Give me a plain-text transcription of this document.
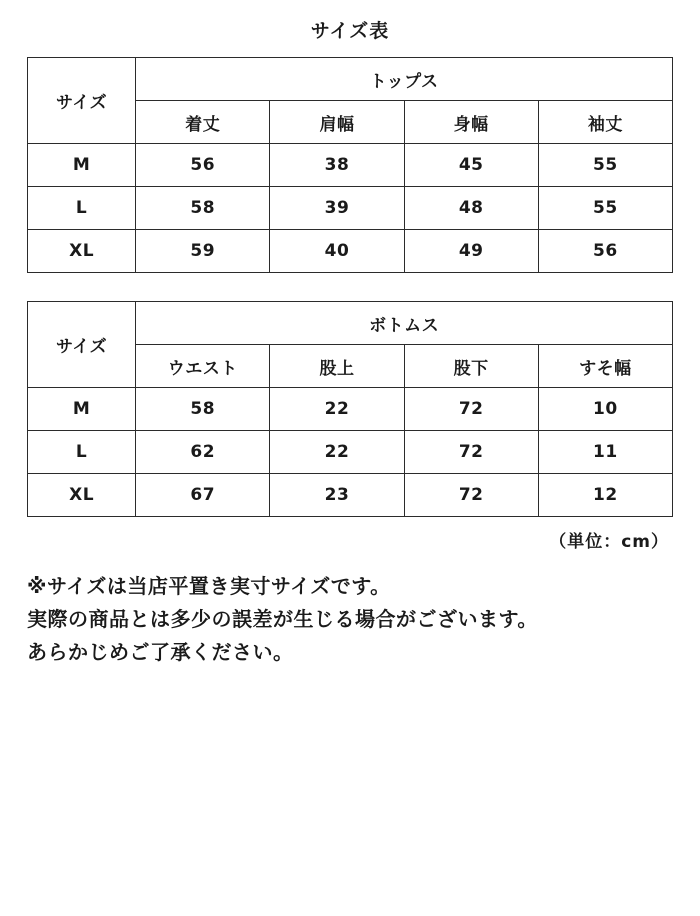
サイズ表
サイズ	トップス			
	着丈	肩幅	身幅	袖丈
M	56	38	45	55
L	58	39	48	55
XL	59	40	49	56
サイズ	ボトムス			
	ウエスト	股上	股下	すそ幅
M	58	22	72	10
L	62	22	72	11
XL	67	23	72	12
（単位：cm）
※サイズは当店平置き実寸サイズです。
実際の商品とは多少の誤差が生じる場合がございます。
あらかじめご了承ください。
